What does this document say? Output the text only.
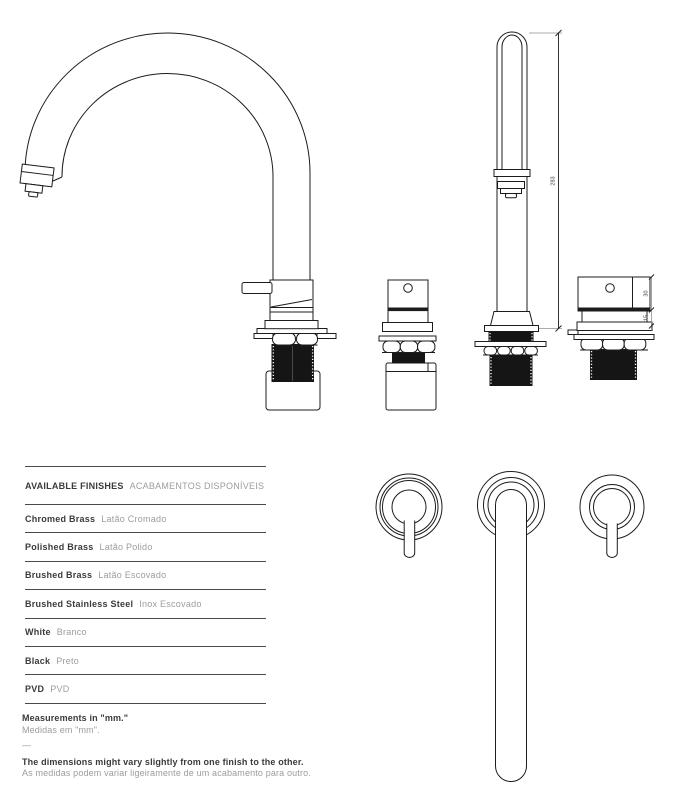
283
30
15
AVAILABLE FINISHES ACABAMENTOS DISPONÍVEIS
Chromed Brass Latão Cromado
Polished Brass Latão Polido
Brushed Brass Latão Escovado
Brushed Stainless Steel Inox Escovado
White Branco
Black Preto
PVD PVD

Measurements in "mm."

Medidas em "mm".

—

The dimensions might vary slightly from one finish to the other.

As medidas podem variar ligeiramente de um acabamento para outro.
